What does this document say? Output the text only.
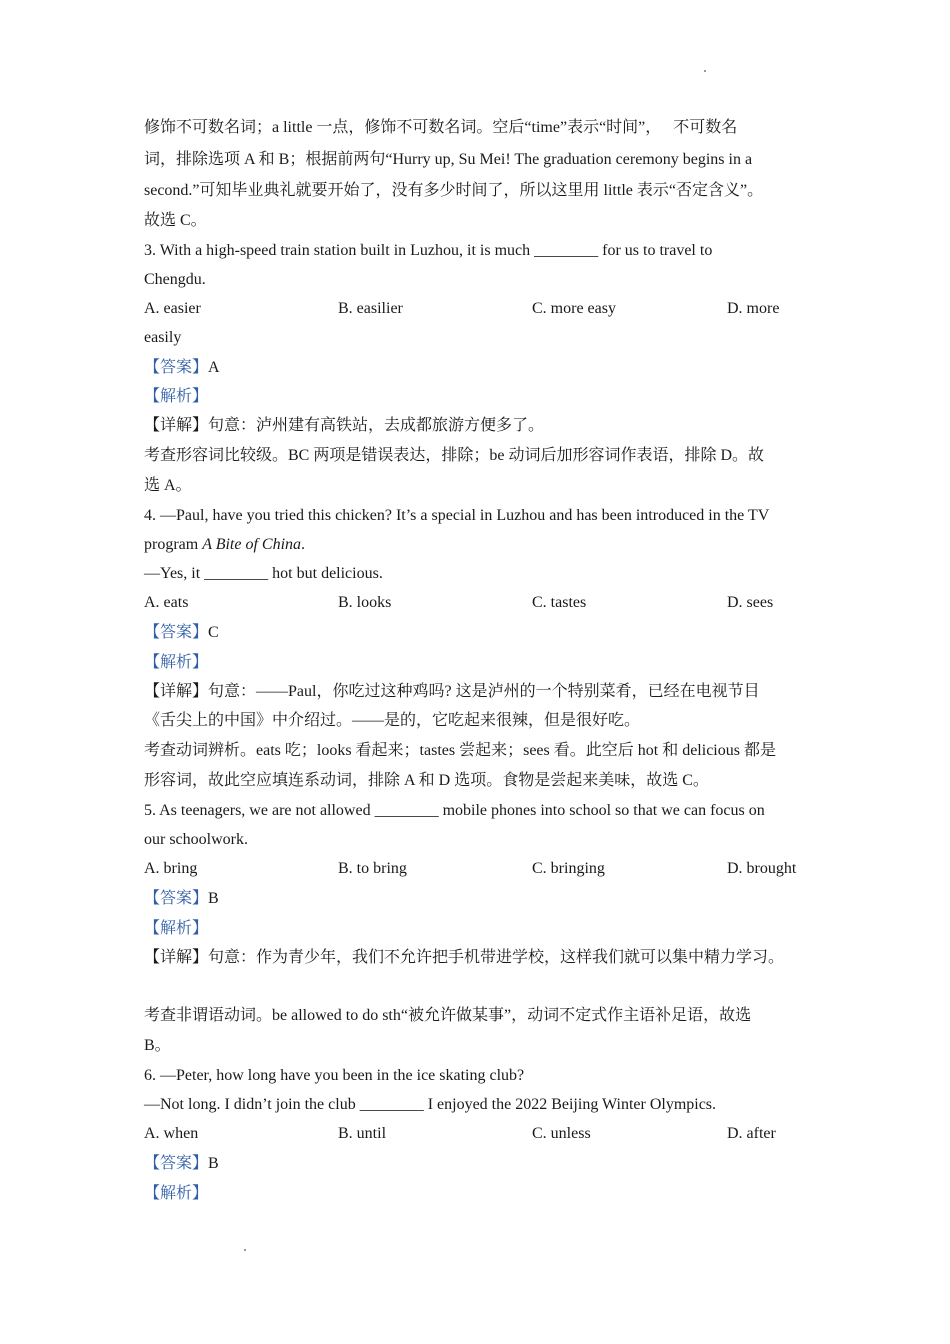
修饰不可数名词；a little 一点，修饰不可数名词。空后“time”表示“时间”，　 不可数名
词，排除选项 A 和 B；根据前两句“Hurry up, Su Mei! The graduation ceremony begins in a
second.”可知毕业典礼就要开始了，没有多少时间了，所以这里用 little 表示“否定含义”。
故选 C。
3. With a high-speed train station built in Luzhou, it is much ________ for us to travel to
Chengdu.
A. easier	B. easilier	C. more easy	D. more
easily
【答案】A
【解析】
【详解】句意：泸州建有高铁站，去成都旅游方便多了。
考查形容词比较级。BC 两项是错误表达，排除；be 动词后加形容词作表语，排除 D。故
选 A。
4. —Paul, have you tried this chicken? It’s a special in Luzhou and has been introduced in the TV
program A Bite of China.
—Yes, it ________ hot but delicious.
A. eats	B. looks	C. tastes	D. sees
【答案】C
【解析】
【详解】句意：——Paul，你吃过这种鸡吗? 这是泸州的一个特别菜肴，已经在电视节目
《舌尖上的中国》中介绍过。——是的，它吃起来很辣，但是很好吃。
考查动词辨析。eats 吃；looks 看起来；tastes 尝起来；sees 看。此空后 hot 和 delicious 都是
形容词，故此空应填连系动词，排除 A 和 D 选项。食物是尝起来美味，故选 C。
5. As teenagers, we are not allowed ________ mobile phones into school so that we can focus on
our schoolwork.
A. bring	B. to bring	C. bringing	D. brought
【答案】B
【解析】
【详解】句意：作为青少年，我们不允许把手机带进学校，这样我们就可以集中精力学习。
考查非谓语动词。be allowed to do sth“被允许做某事”，动词不定式作主语补足语，故选
B。
6. —Peter, how long have you been in the ice skating club?
—Not long. I didn’t join the club ________ I enjoyed the 2022 Beijing Winter Olympics.
A. when	B. until	C. unless	D. after
【答案】B
【解析】
